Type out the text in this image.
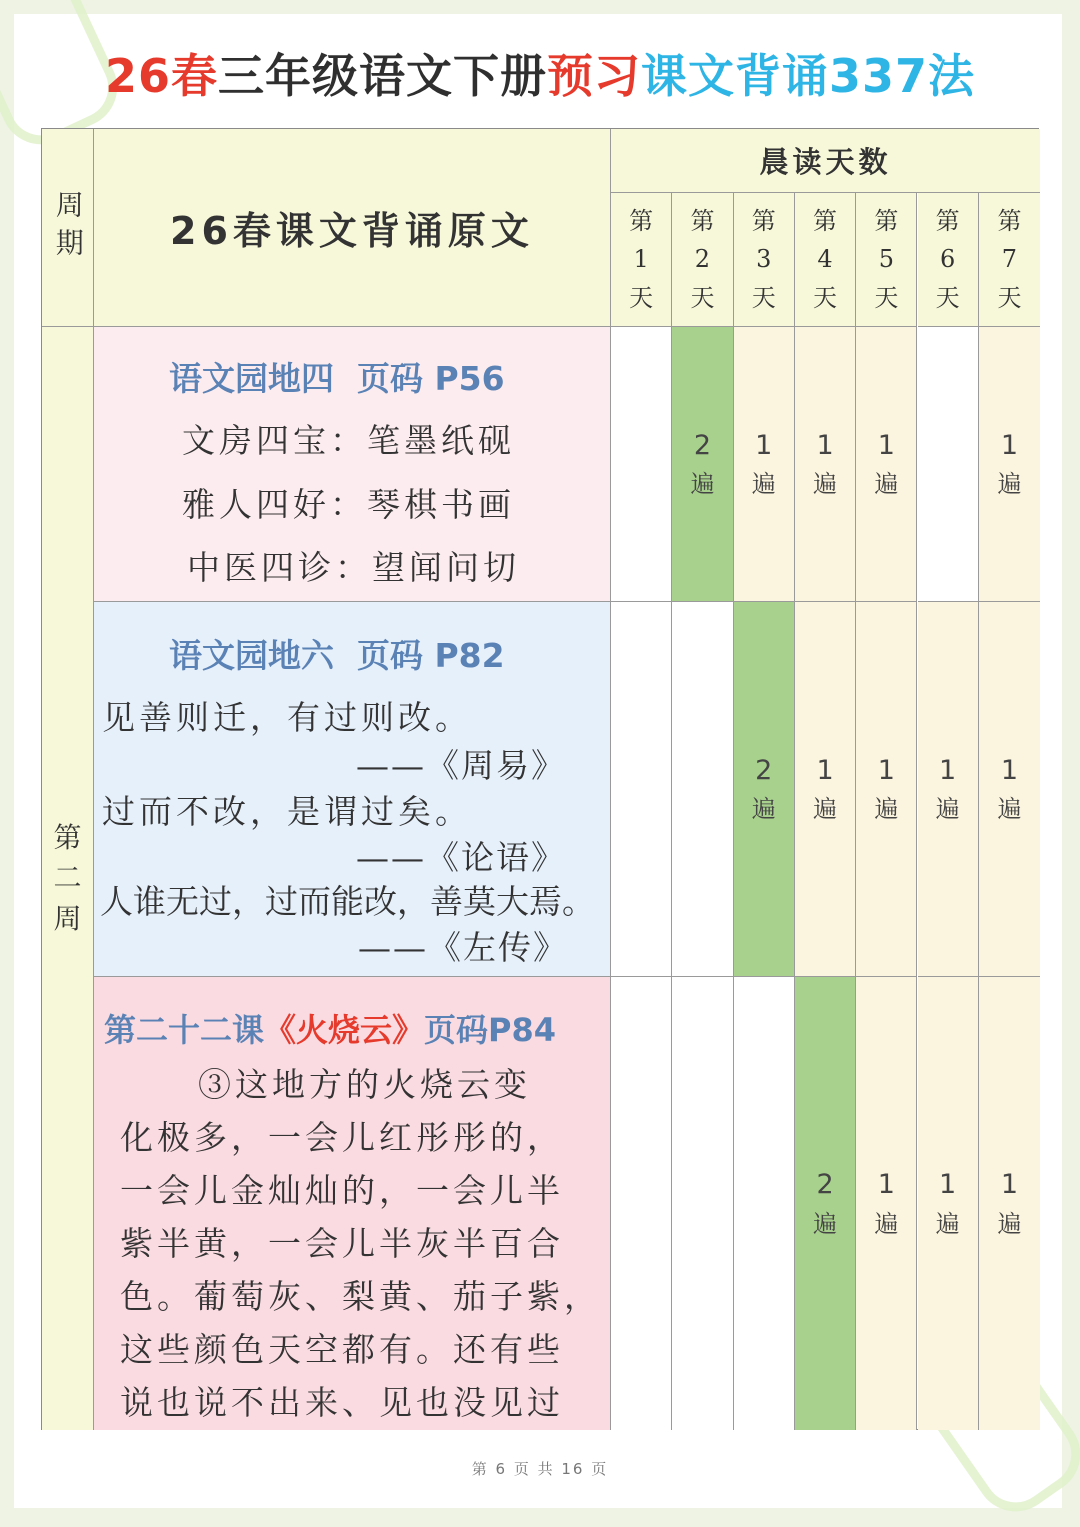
26春三年级语文下册预习课文背诵337法
周期 26春课文背诵原文
晨读天数
第
1
天
第
2
天
第
3
天
第
4
天
第
5
天
第
6
天
第
7
天
第
二
周
语文园地四  页码 P56
文房四宝：笔墨纸砚
雅人四好：琴棋书画
中医四诊：望闻问切
语文园地六  页码 P82
见善则迁，有过则改。
——《周易》
过而不改，是谓过矣。
——《论语》
人谁无过，过而能改，善莫大焉。
——《左传》
第二十二课《火烧云》页码P84
③这地方的火烧云变
化极多，一会儿红彤彤的，
一会儿金灿灿的，一会儿半
紫半黄，一会儿半灰半百合
色。葡萄灰、梨黄、茄子紫，
这些颜色天空都有。还有些
说也说不出来、见也没见过
2
遍
1
遍
1
遍
1
遍
1
遍
2
遍
1
遍
1
遍
1
遍
1
遍
2
遍
1
遍
1
遍
1
遍
第 6 页 共 16 页
